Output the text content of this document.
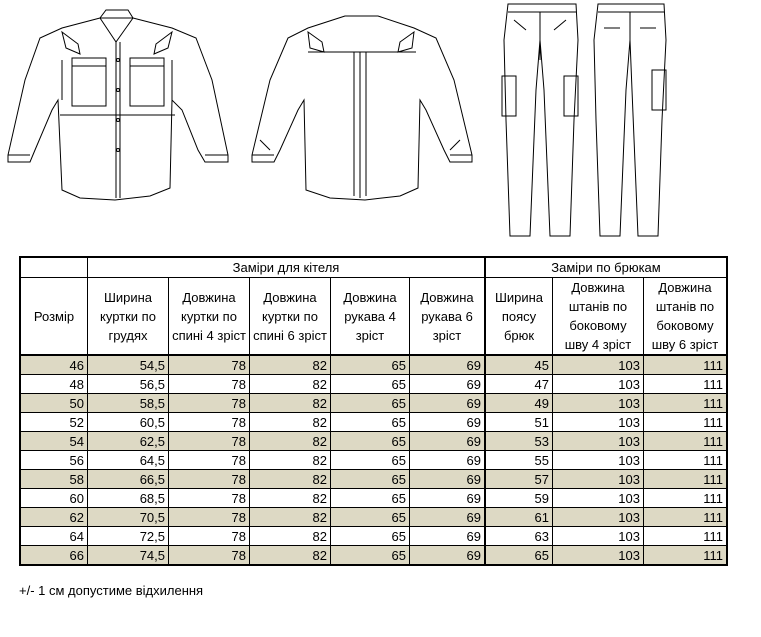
	Заміри для кітеля					Заміри по брюкам		
Розмір	Ширина куртки по грудях	Довжина куртки по спині 4 зріст	Довжина куртки по спині 6 зріст	Довжина рукава 4 зріст	Довжина рукава 6 зріст	Ширина поясу брюк	Довжина штанів по боковому шву 4 зріст	Довжина штанів по боковому шву 6 зріст
46	54,5	78	82	65	69	45	103	111
48	56,5	78	82	65	69	47	103	111
50	58,5	78	82	65	69	49	103	111
52	60,5	78	82	65	69	51	103	111
54	62,5	78	82	65	69	53	103	111
56	64,5	78	82	65	69	55	103	111
58	66,5	78	82	65	69	57	103	111
60	68,5	78	82	65	69	59	103	111
62	70,5	78	82	65	69	61	103	111
64	72,5	78	82	65	69	63	103	111
66	74,5	78	82	65	69	65	103	111
+/- 1 см допустиме відхилення
